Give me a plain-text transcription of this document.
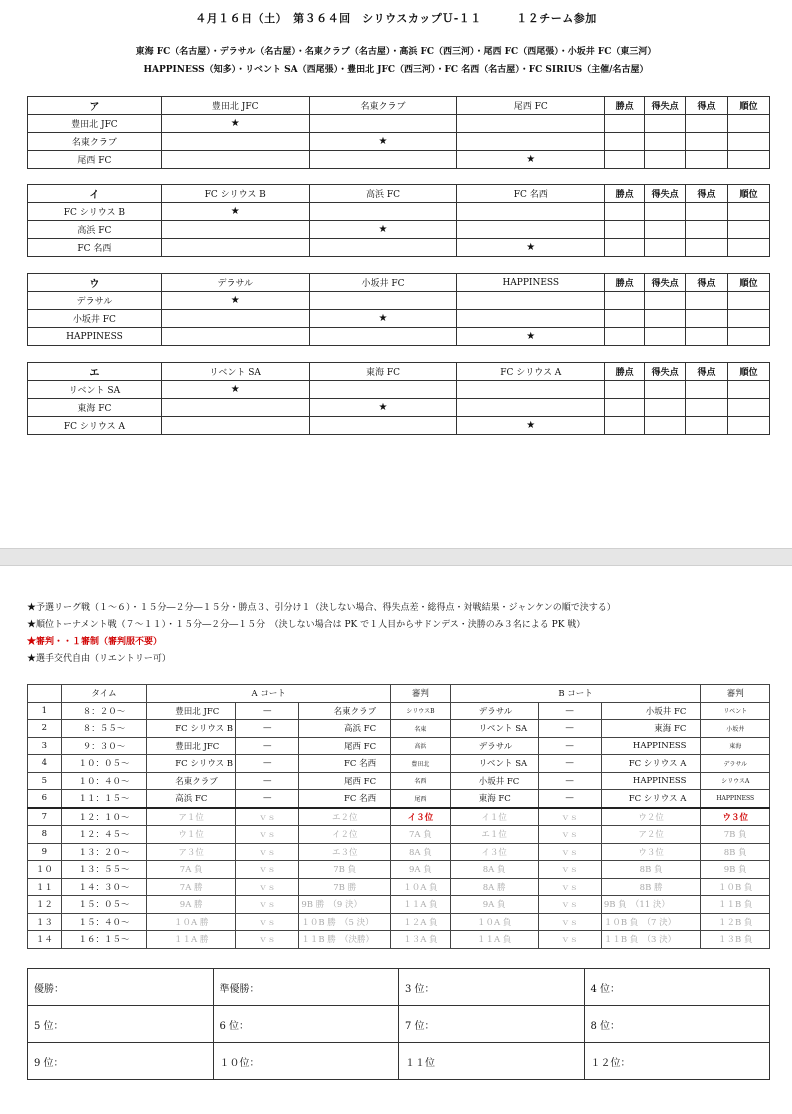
４月１６日（土）　第３６４回　シリウスカップＵ-１１　　　１２チーム参加
東海 FC（名古屋）・デラサル（名古屋）・名東クラブ（名古屋）・高浜 FC（西三河）・尾西 FC（西尾張）・小坂井 FC（東三河）
HAPPINESS（知多）・リベント SA（西尾張）・豊田北 JFC（西三河）・FC 名西（名古屋）・FC SIRIUS（主催/名古屋）
ア	豊田北 JFC	名東クラブ	尾西 FC	勝点	得失点	得点	順位
豊田北 JFC	★						
名東クラブ		★					
尾西 FC			★				
イ	FC シリウス B	高浜 FC	FC 名西	勝点	得失点	得点	順位
FC シリウス B	★						
高浜 FC		★					
FC 名西			★				
ウ	デラサル	小坂井 FC	HAPPINESS	勝点	得失点	得点	順位
デラサル	★						
小坂井 FC		★					
HAPPINESS			★				
エ	リベント SA	東海 FC	FC シリウス A	勝点	得失点	得点	順位
リベント SA	★						
東海 FC		★					
FC シリウス A			★				
★予選リーグ戦（１～６）・１５分―２分―１５分・勝点３、引分け１（決しない場合、得失点差・総得点・対戦結果・ジャンケンの順で決する）
★順位トーナメント戦（７～１１）・１５分―２分―１５分　（決しない場合は PK で１人目からサドンデス・決勝のみ３名による PK 戦）
★審判・・１審制（審判服不要）
★選手交代自由（リエントリー可）
	タイム	A コート			審判	B コート			審判
1	８：２０～	豊田北 JFC	—	名東クラブ	シリウスB	デラサル	—	小坂井 FC	リベント
2	８：５５～	FC シリウス B	—	高浜 FC	名東	リベント SA	—	東海 FC	小坂井
3	９：３０～	豊田北 JFC	—	尾西 FC	高浜	デラサル	—	HAPPINESS	東海
4	１０：０５～	FC シリウス B	—	FC 名西	豊田北	リベント SA	—	FC シリウス A	デラサル
5	１０：４０～	名東クラブ	—	尾西 FC	名西	小坂井 FC	—	HAPPINESS	シリウスA
6	１１：１５～	高浜 FC	—	FC 名西	尾西	東海 FC	—	FC シリウス A	HAPPINESS
7	１２：１０～	ア１位	ｖｓ	エ２位	イ３位	イ１位	ｖｓ	ウ２位	ウ３位
8	１２：４５～	ウ１位	ｖｓ	イ２位	7A 負	エ１位	ｖｓ	ア２位	7B 負
9	１３：２０～	ア３位	ｖｓ	エ３位	8A 負	イ３位	ｖｓ	ウ３位	8B 負
１０	１３：５５～	7A 負	ｖｓ	7B 負	9A 負	8A 負	ｖｓ	8B 負	9B 負
１１	１４：３０～	7A 勝	ｖｓ	7B 勝	１０A 負	8A 勝	ｖｓ	8B 勝	１０B 負
１２	１５：０５～	9A 勝	ｖｓ	9B 勝　（9 決）	１１A 負	9A 負	ｖｓ	9B 負　（11 決）	１１B 負
１３	１５：４０～	１０A 勝	ｖｓ	１０B 勝　（5 決）	１２A 負	１０A 負	ｖｓ	１０B 負　（7 決）	１２B 負
１４	１６：１５～	１１A 勝	ｖｓ	１１B 勝　（決勝）	１３A 負	１１A 負	ｖｓ	１１B 負　（3 決）	１３B 負
優勝：	準優勝：	3 位：	4 位：
5 位：	6 位：	7 位：	8 位：
9 位：	１０位：	１１位	１２位：
